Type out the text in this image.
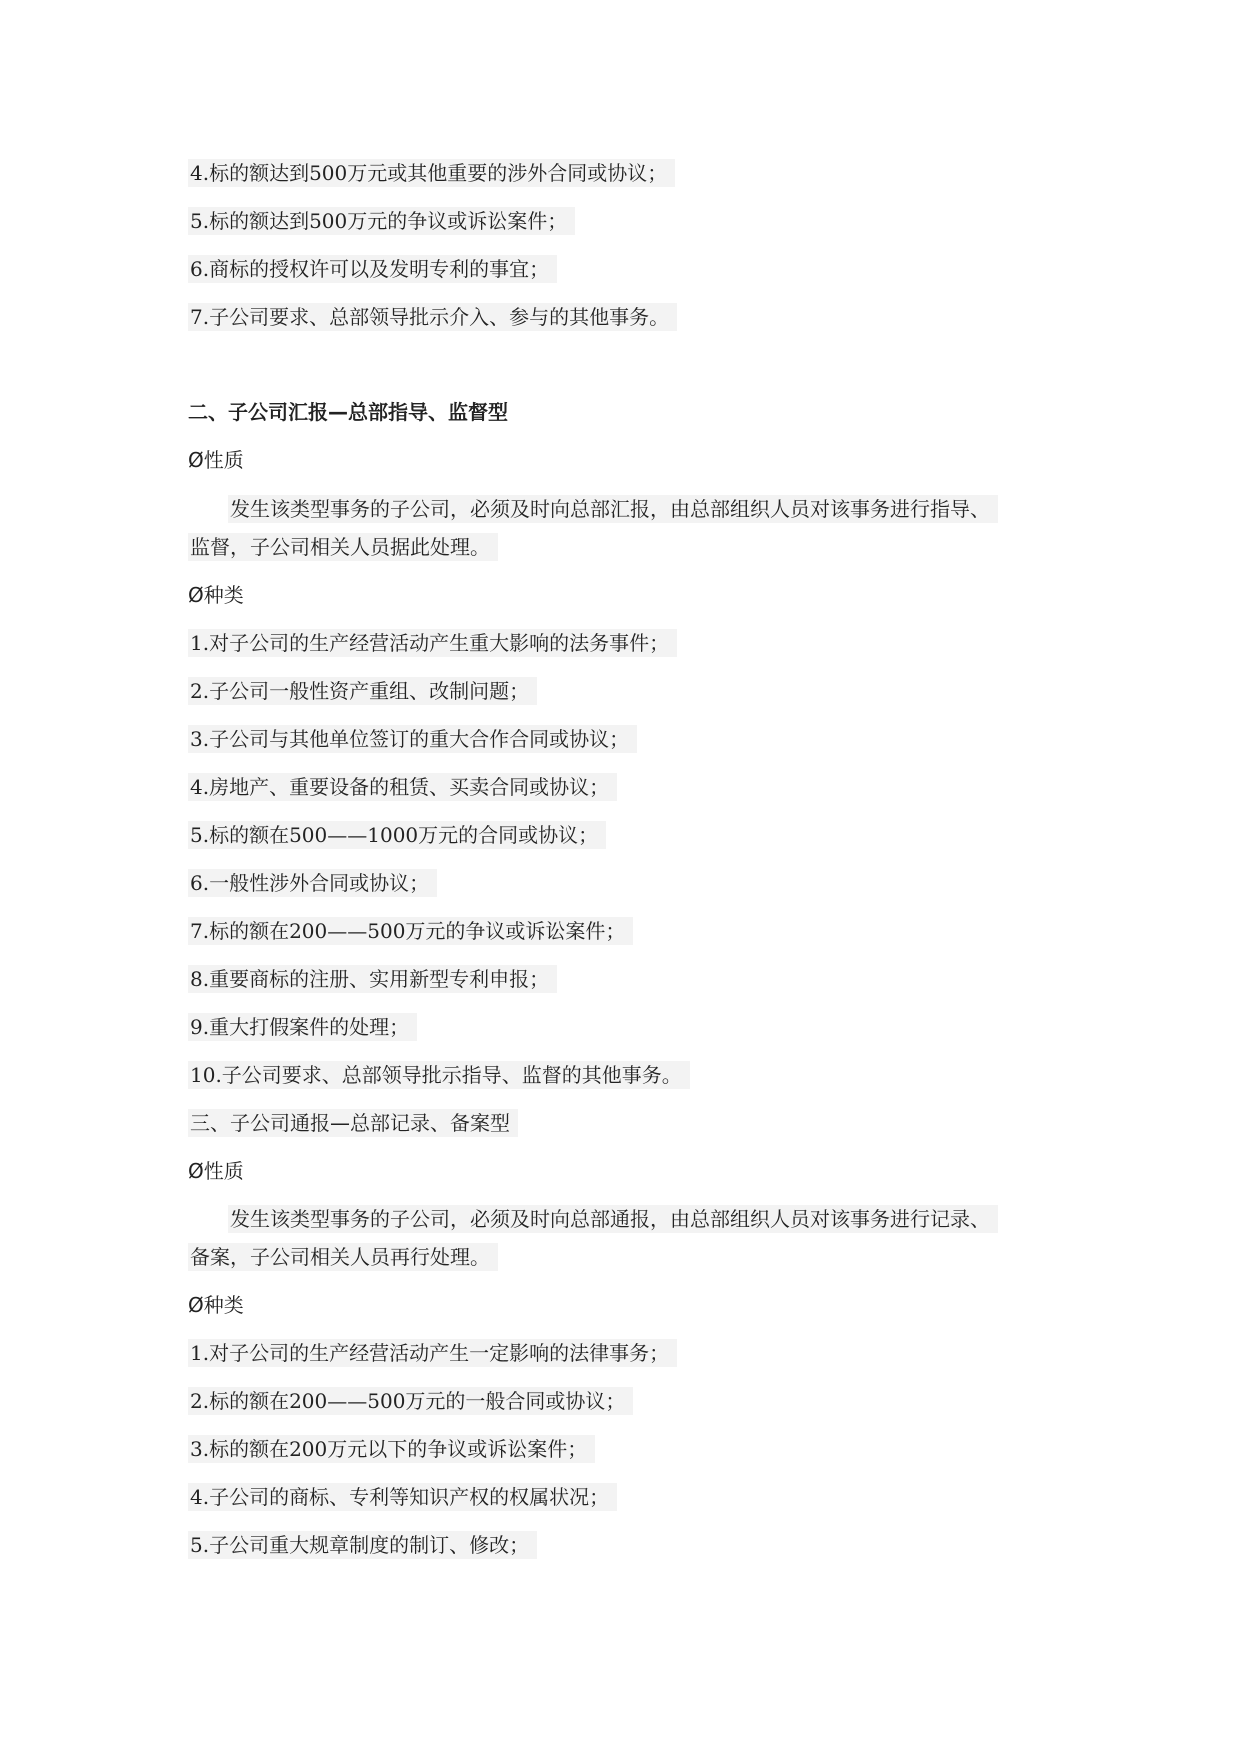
4.标的额达到500万元或其他重要的涉外合同或协议；
5.标的额达到500万元的争议或诉讼案件；
6.商标的授权许可以及发明专利的事宜；
7.子公司要求、总部领导批示介入、参与的其他事务。
二、子公司汇报—总部指导、监督型
Ø性质
发生该类型事务的子公司，必须及时向总部汇报，由总部组织人员对该事务进行指导、
监督，子公司相关人员据此处理。
Ø种类
1.对子公司的生产经营活动产生重大影响的法务事件；
2.子公司一般性资产重组、改制问题；
3.子公司与其他单位签订的重大合作合同或协议；
4.房地产、重要设备的租赁、买卖合同或协议；
5.标的额在500——1000万元的合同或协议；
6.一般性涉外合同或协议；
7.标的额在200——500万元的争议或诉讼案件；
8.重要商标的注册、实用新型专利申报；
9.重大打假案件的处理；
10.子公司要求、总部领导批示指导、监督的其他事务。
三、子公司通报—总部记录、备案型
Ø性质
发生该类型事务的子公司，必须及时向总部通报，由总部组织人员对该事务进行记录、
备案，子公司相关人员再行处理。
Ø种类
1.对子公司的生产经营活动产生一定影响的法律事务；
2.标的额在200——500万元的一般合同或协议；
3.标的额在200万元以下的争议或诉讼案件；
4.子公司的商标、专利等知识产权的权属状况；
5.子公司重大规章制度的制订、修改；
